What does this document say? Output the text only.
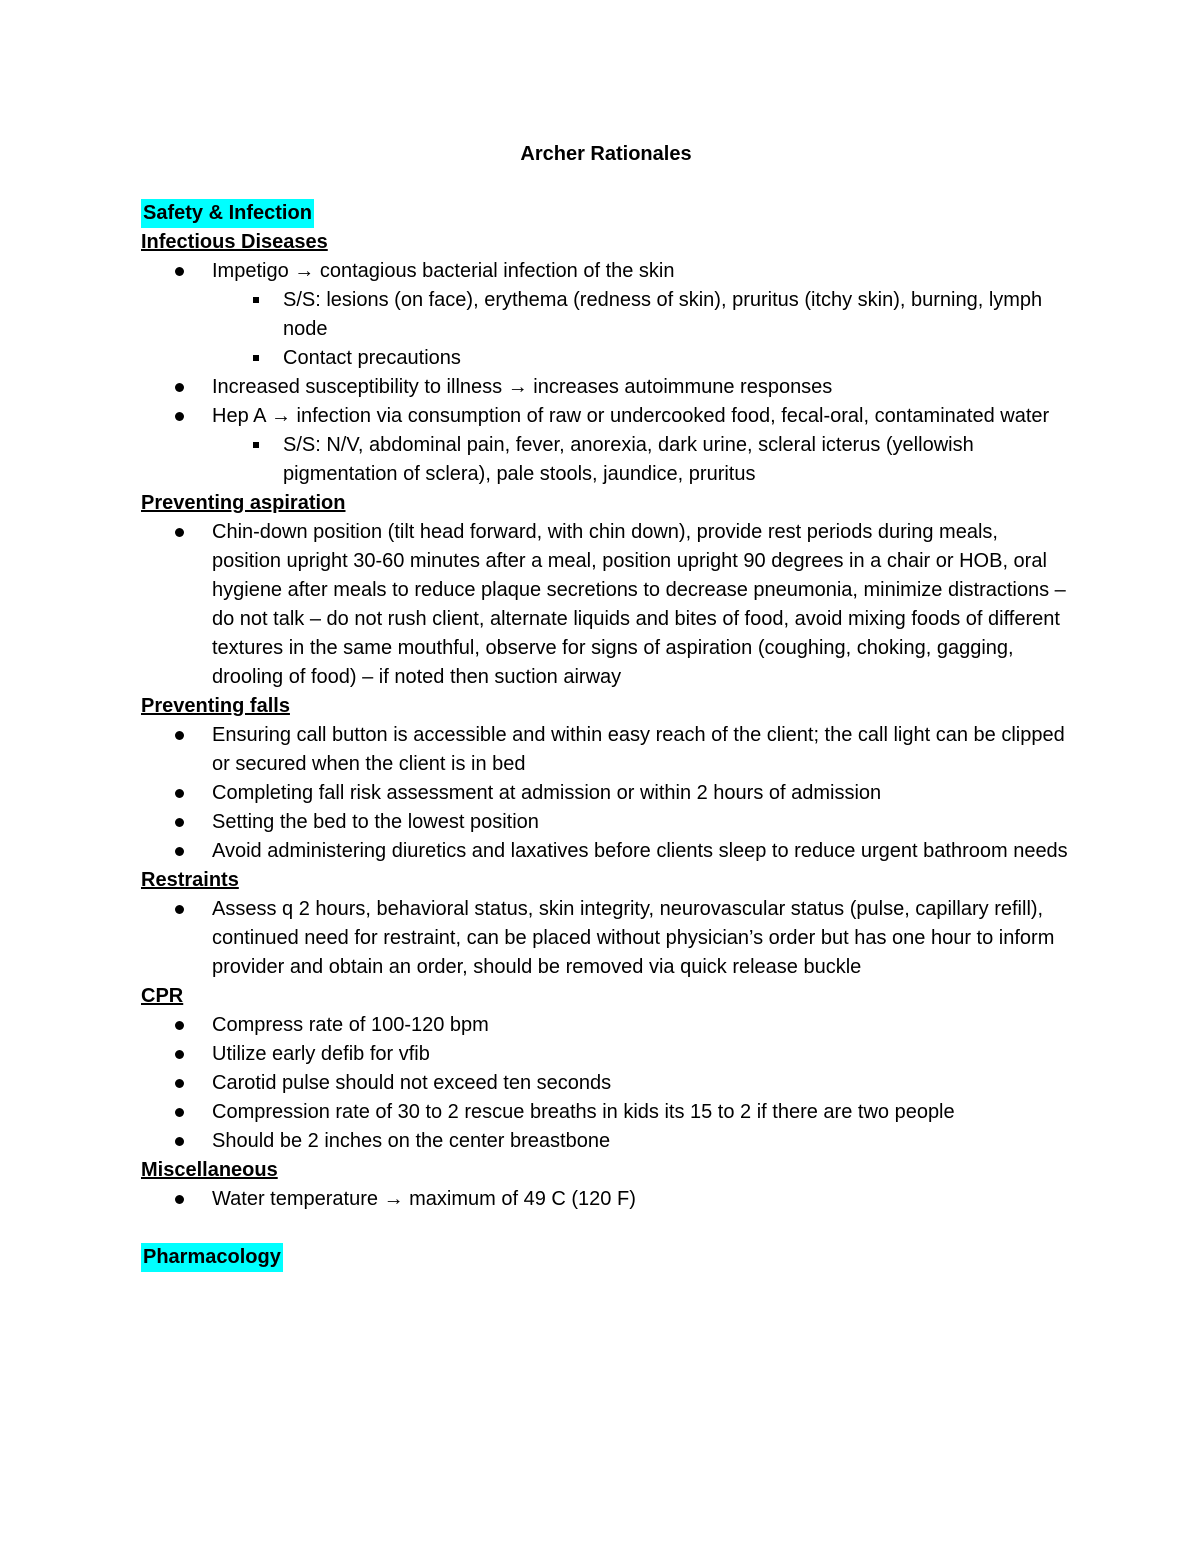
Archer Rationales
Safety & Infection
Infectious Diseases
Impetigo → contagious bacterial infection of the skin
S/S: lesions (on face), erythema (redness of skin), pruritus (itchy skin), burning, lymph node
Contact precautions
Increased susceptibility to illness → increases autoimmune responses
Hep A → infection via consumption of raw or undercooked food, fecal-oral, contaminated water
S/S: N/V, abdominal pain, fever, anorexia, dark urine, scleral icterus (yellowish pigmentation of sclera), pale stools, jaundice, pruritus
Preventing aspiration
Chin-down position (tilt head forward, with chin down), provide rest periods during meals, position upright 30-60 minutes after a meal, position upright 90 degrees in a chair or HOB, oral hygiene after meals to reduce plaque secretions to decrease pneumonia, minimize distractions – do not talk – do not rush client, alternate liquids and bites of food, avoid mixing foods of different textures in the same mouthful, observe for signs of aspiration (coughing, choking, gagging, drooling of food) – if noted then suction airway
Preventing falls
Ensuring call button is accessible and within easy reach of the client; the call light can be clipped or secured when the client is in bed
Completing fall risk assessment at admission or within 2 hours of admission
Setting the bed to the lowest position
Avoid administering diuretics and laxatives before clients sleep to reduce urgent bathroom needs
Restraints
Assess q 2 hours, behavioral status, skin integrity, neurovascular status (pulse, capillary refill), continued need for restraint, can be placed without physician’s order but has one hour to inform provider and obtain an order, should be removed via quick release buckle
CPR
Compress rate of 100-120 bpm
Utilize early defib for vfib
Carotid pulse should not exceed ten seconds
Compression rate of 30 to 2 rescue breaths in kids its 15 to 2 if there are two people
Should be 2 inches on the center breastbone
Miscellaneous
Water temperature → maximum of 49 C (120 F)
Pharmacology
